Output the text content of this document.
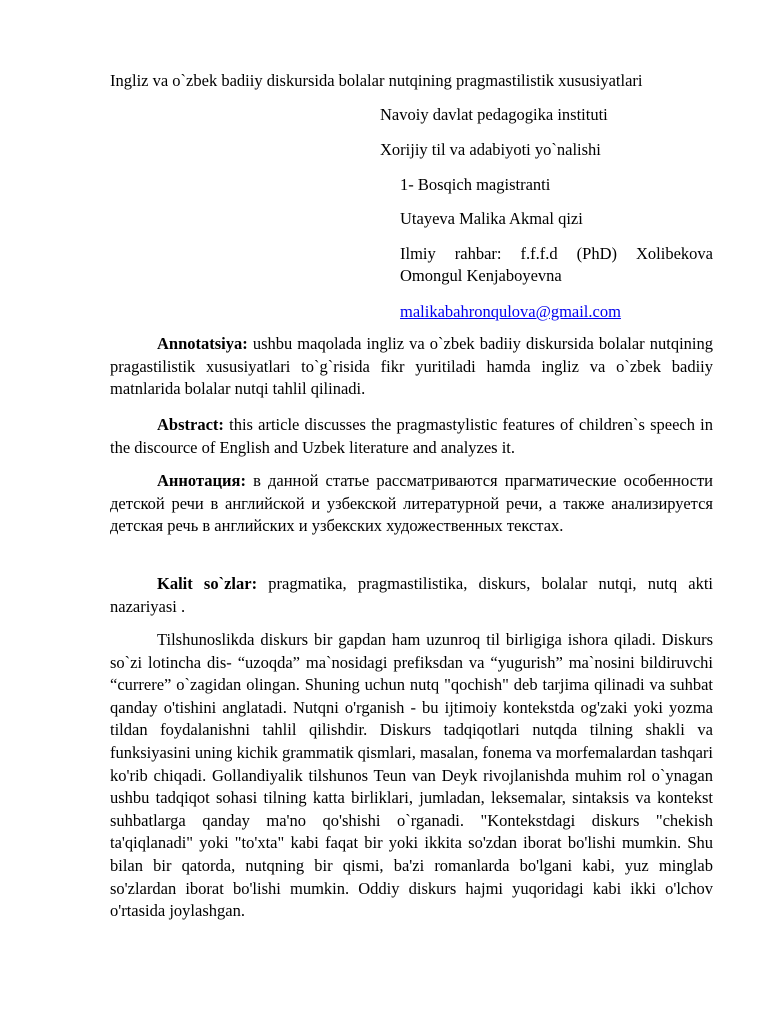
Ingliz va o`zbek badiiy diskursida bolalar nutqining pragmastilistik xususiyatlari
Navoiy davlat pedagogika instituti
Xorijiy til va adabiyoti yo`nalishi
1- Bosqich magistranti
Utayeva Malika Akmal qizi
Ilmiy rahbar: f.f.f.d (PhD) Xolibekova Omongul Kenjaboyevna
malikabahronqulova@gmail.com

Annotatsiya: ushbu maqolada ingliz va o`zbek badiiy diskursida bolalar nutqining pragastilistik xususiyatlari to`g`risida fikr yuritiladi hamda ingliz va o`zbek badiiy matnlarida bolalar nutqi tahlil qilinadi.

Abstract: this article discusses the pragmastylistic features of children`s speech in the discource of English and Uzbek literature and analyzes it.

Аннотация: в данной статье рассматриваются прагматические особенности детской речи в английской и узбекской литературной речи, а также анализируется детская речь в английских и узбекских художественных текстах.

Kalit so`zlar: pragmatika, pragmastilistika, diskurs, bolalar nutqi, nutq akti nazariyasi .

Tilshunoslikda diskurs bir gapdan ham uzunroq til birligiga ishora qiladi. Diskurs so`zi lotincha dis- “uzoqda” ma`nosidagi prefiksdan va “yugurish” ma`nosini bildiruvchi “currere” o`zagidan olingan. Shuning uchun nutq "qochish" deb tarjima qilinadi va suhbat qanday o'tishini anglatadi. Nutqni o'rganish - bu ijtimoiy kontekstda og'zaki yoki yozma tildan foydalanishni tahlil qilishdir. Diskurs tadqiqotlari nutqda tilning shakli va funksiyasini uning kichik grammatik qismlari, masalan, fonema va morfemalardan tashqari ko'rib chiqadi. Gollandiyalik tilshunos Teun van Deyk rivojlanishda muhim rol o`ynagan ushbu tadqiqot sohasi tilning katta birliklari, jumladan, leksemalar, sintaksis va kontekst suhbatlarga qanday ma'no qo'shishi o`rganadi. "Kontekstdagi diskurs "chekish ta'qiqlanadi" yoki "to'xta" kabi faqat bir yoki ikkita so'zdan iborat bo'lishi mumkin. Shu bilan bir qatorda, nutqning bir qismi, ba'zi romanlarda bo'lgani kabi, yuz minglab so'zlardan iborat bo'lishi mumkin. Oddiy diskurs hajmi yuqoridagi kabi ikki o'lchov o'rtasida joylashgan.
